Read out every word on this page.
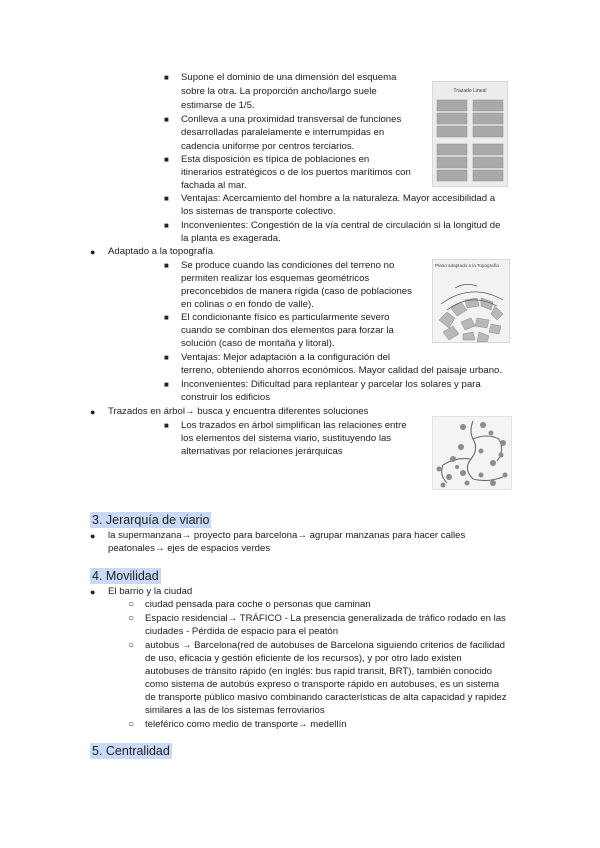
■ Supone el dominio de una dimensión del esquema
sobre la otra. La proporción ancho/largo suele
estimarse de 1/5.
■ Conlleva a una proximidad transversal de funciones
desarrolladas paralelamente e interrumpidas en
cadencia uniforme por centros terciarios.
■ Esta disposición es típica de poblaciones en
itinerarios estratégicos o de los puertos marítimos con
fachada al mar.
■ Ventajas: Acercamiento del hombre a la naturaleza. Mayor accesibilidad a
los sistemas de transporte colectivo.
■ Inconvenientes: Congestión de la vía central de circulación si la longitud de
la planta es exagerada.
Trazado Lineal
● Adaptado a la topografía
■ Se produce cuando las condiciones del terreno no
permiten realizar los esquemas geométricos
preconcebidos de manera rígida (caso de poblaciones
en colinas o en fondo de valle).
■ El condicionante físico es particularmente severo
cuando se combinan dos elementos para forzar la
solución (caso de montaña y litoral).
■ Ventajas: Mejor adaptación a la configuración del
terreno, obteniendo ahorros económicos. Mayor calidad del paisaje urbano.
■ Inconvenientes: Dificultad para replantear y parcelar los solares y para
construir los edificios
Plano adaptado a la Topografía
● Trazados en árbol→ busca y encuentra diferentes soluciones
■ Los trazados en árbol simplifican las relaciones entre
los elementos del sistema viario, sustituyendo las
alternativas por relaciones jerárquicas
3. Jerarquía de viario
● la supermanzana→ proyecto para barcelona→ agrupar manzanas para hacer calles
peatonales→ ejes de espacios verdes
4. Movilidad
● El barrio y la ciudad
○ ciudad pensada para coche o personas que caminan
○ Espacio residencial→ TRÁFICO - La presencia generalizada de tráfico rodado en las
ciudades - Pérdida de espacio para el peatón
○ autobus → Barcelona(red de autobuses de Barcelona siguiendo criterios de facilidad
de uso, eficacia y gestión eficiente de los recursos), y por otro lado existen
autobuses de tránsito rápido (en inglés: bus rapid transit, BRT), también conocido
como sistema de autobús expreso o transporte rápido en autobuses, es un sistema
de transporte público masivo combinando características de alta capacidad y rapidez
similares a las de los sistemas ferroviarios
○ teleférico como medio de transporte→ medellín
5. Centralidad
